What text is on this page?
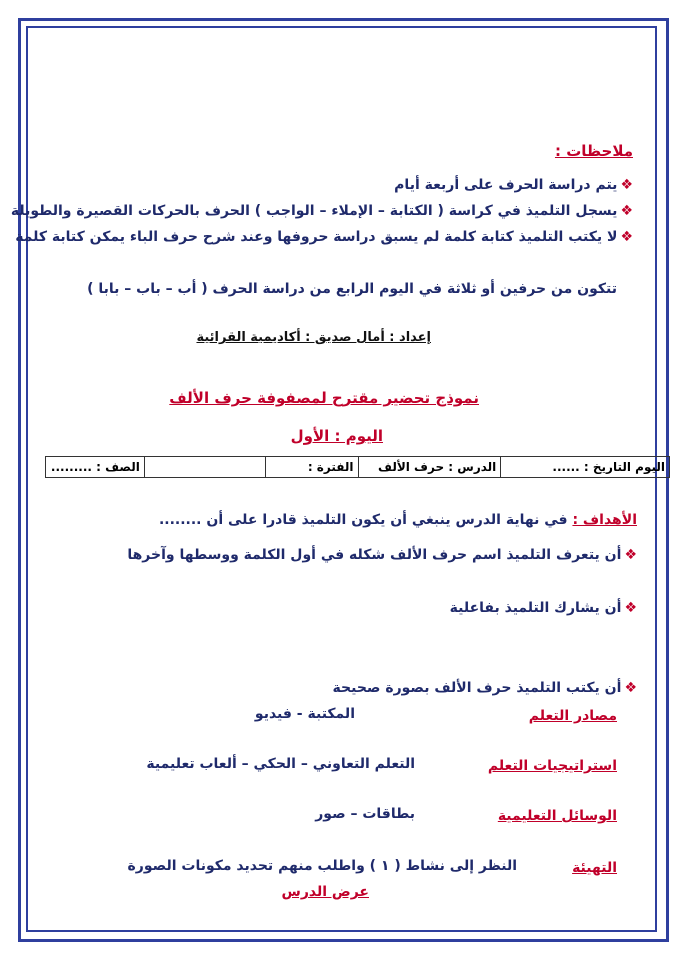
ملاحظات :
❖يتم دراسة الحرف على أربعة أيام
❖يسجل التلميذ في كراسة ( الكتابة – الإملاء – الواجب ) الحرف بالحركات القصيرة والطويلة
❖لا يكتب التلميذ كتابة كلمة لم يسبق دراسة حروفها وعند شرح حرف الباء يمكن كتابة كلمة
تتكون من حرفين أو ثلاثة في اليوم الرابع من دراسة الحرف ( أب – باب – بابا )
إعداد : أمال صديق : أكاديمية القرائية
نموذج تحضير مقترح لمصفوفة حرف الألف
اليوم : الأول
اليوم التاريخ : ......
الدرس : حرف الألف
الفترة :
الصف : .........
الأهداف : في نهاية الدرس ينبغي أن يكون التلميذ قادرا على أن ........
❖أن يتعرف التلميذ اسم حرف الألف شكله في أول الكلمة ووسطها وآخرها
❖أن يشارك التلميذ بفاعلية
❖أن يكتب التلميذ حرف الألف بصورة صحيحة
مصادر التعلم
المكتبة - فيديو
استراتيجيات التعلم
التعلم التعاوني – الحكي – ألعاب تعليمية
الوسائل التعليمية
بطاقات – صور
التهيئة
النظر إلى نشاط ( ١ ) واطلب منهم تحديد مكونات الصورة
عرض الدرس
